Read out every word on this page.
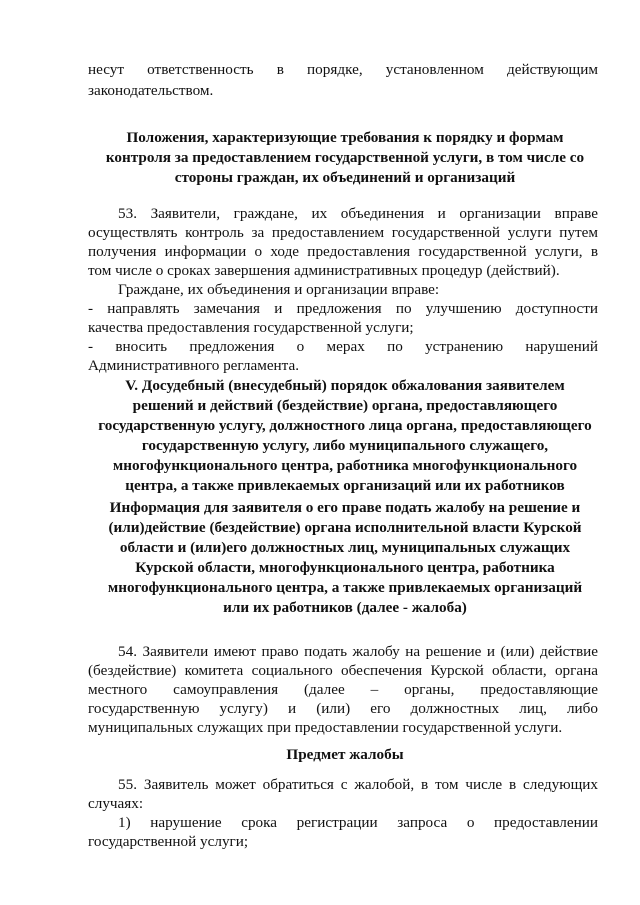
несут ответственность в порядке, установленном действующим
законодательством.
Положения, характеризующие требования к порядку и формам
контроля за предоставлением государственной услуги, в том числе со
стороны граждан, их объединений и организаций
53. Заявители, граждане, их объединения и организации вправе
осуществлять контроль за предоставлением государственной услуги путем
получения информации о ходе предоставления государственной услуги, в
том числе о сроках завершения административных процедур (действий).
Граждане, их объединения и организации вправе:
- направлять замечания и предложения по улучшению доступности
качества предоставления государственной услуги;
- вносить предложения о мерах по устранению нарушений
Административного регламента.
V. Досудебный (внесудебный) порядок обжалования заявителем
решений и действий (бездействие) органа, предоставляющего
государственную услугу, должностного лица органа, предоставляющего
государственную услугу, либо муниципального служащего,
многофункционального центра, работника многофункционального
центра, а также привлекаемых организаций или их работников
Информация для заявителя о его праве подать жалобу на решение и
(или)действие (бездействие) органа исполнительной власти Курской
области и (или)его должностных лиц, муниципальных служащих
Курской области, многофункционального центра, работника
многофункционального центра, а также привлекаемых организаций
или их работников (далее - жалоба)
54. Заявители имеют право подать жалобу на решение и (или) действие
(бездействие) комитета социального обеспечения Курской области, органа
местного самоуправления (далее – органы, предоставляющие
государственную услугу) и (или) его должностных лиц, либо
муниципальных служащих при предоставлении государственной услуги.
Предмет жалобы
55. Заявитель может обратиться с жалобой, в том числе в следующих
случаях:
1) нарушение срока регистрации запроса о предоставлении
государственной услуги;
